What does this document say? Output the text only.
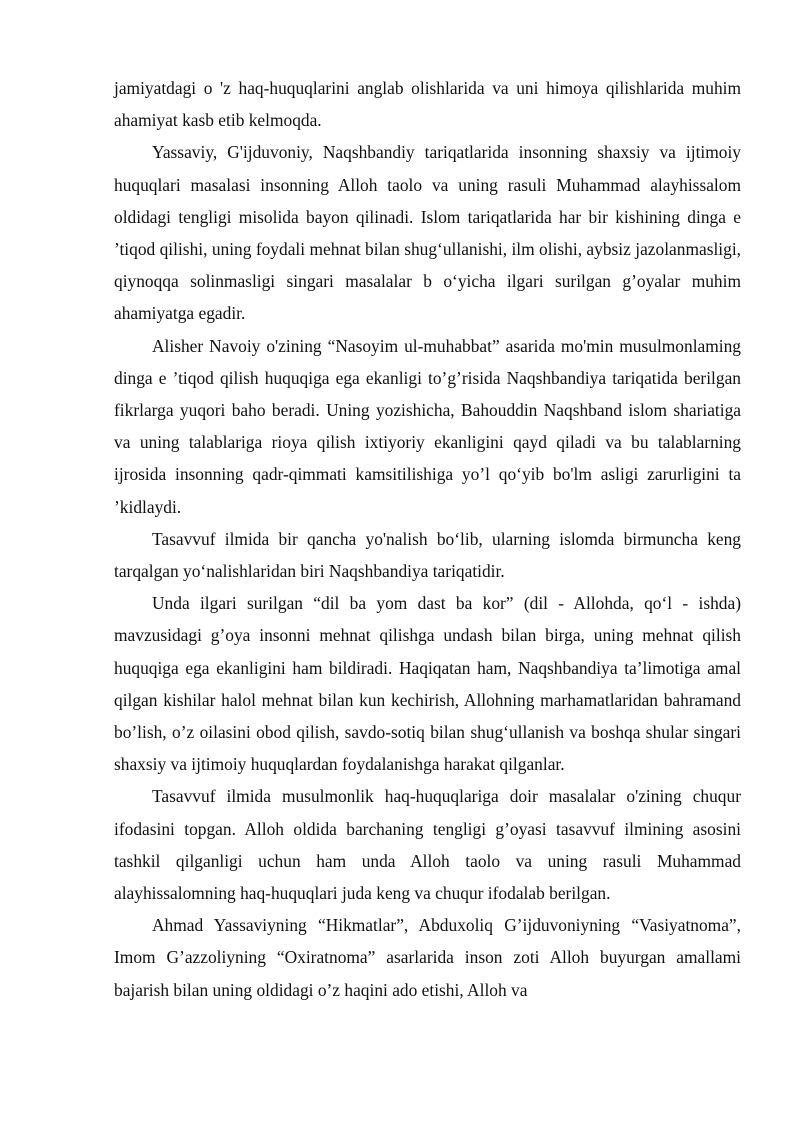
jamiyatdagi o 'z haq-huquqlarini anglab olishlarida va uni himoya qilishlarida muhim ahamiyat kasb etib kelmoqda.

Yassaviy, G'ijduvoniy, Naqshbandiy tariqatlarida insonning shaxsiy va ijtimoiy huquqlari masalasi insonning Alloh taolo va uning rasuli Muhammad alayhissalom oldidagi tengligi misolida bayon qilinadi. Islom tariqatlarida har bir kishining dinga e ’tiqod qilishi, uning foydali mehnat bilan shug‘ullanishi, ilm olishi, aybsiz jazolanmasligi, qiynoqqa solinmasligi singari masalalar b o‘yicha ilgari surilgan g’oyalar muhim ahamiyatga egadir.

Alisher Navoiy o'zining “Nasoyim ul-muhabbat” asarida mo'min musulmonlaming dinga e ’tiqod qilish huquqiga ega ekanligi to’g’risida Naqshbandiya tariqatida berilgan fikrlarga yuqori baho beradi. Uning yozishicha, Bahouddin Naqshband islom shariatiga va uning talablariga rioya qilish ixtiyoriy ekanligini qayd qiladi va bu talablarning ijrosida insonning qadr-qimmati kamsitilishiga yo’l qo‘yib bo'lm asligi zarurligini ta ’kidlaydi.

Tasavvuf ilmida bir qancha yo'nalish bo‘lib, ularning islomda birmuncha keng tarqalgan yo‘nalishlaridan biri Naqshbandiya tariqatidir.

Unda ilgari surilgan “dil ba yom dast ba kor” (dil - Allohda, qo‘l - ishda) mavzusidagi g’oya insonni mehnat qilishga undash bilan birga, uning mehnat qilish huquqiga ega ekanligini ham bildiradi. Haqiqatan ham, Naqshbandiya ta’limotiga amal qilgan kishilar halol mehnat bilan kun kechirish, Allohning marhamatlaridan bahramand bo’lish, o’z oilasini obod qilish, savdo-sotiq bilan shug‘ullanish va boshqa shular singari shaxsiy va ijtimoiy huquqlardan foydalanishga harakat qilganlar.

Tasavvuf ilmida musulmonlik haq-huquqlariga doir masalalar o'zining chuqur ifodasini topgan. Alloh oldida barchaning tengligi g’oyasi tasavvuf ilmining asosini tashkil qilganligi uchun ham unda Alloh taolo va uning rasuli Muhammad alayhissalomning haq-huquqlari juda keng va chuqur ifodalab berilgan.

Ahmad Yassaviyning “Hikmatlar”, Abduxoliq G’ijduvoniyning “Vasiyatnoma”, Imom G’azzoliyning “Oxiratnoma” asarlarida inson zoti Alloh buyurgan amallami bajarish bilan uning oldidagi o’z haqini ado etishi, Alloh va
